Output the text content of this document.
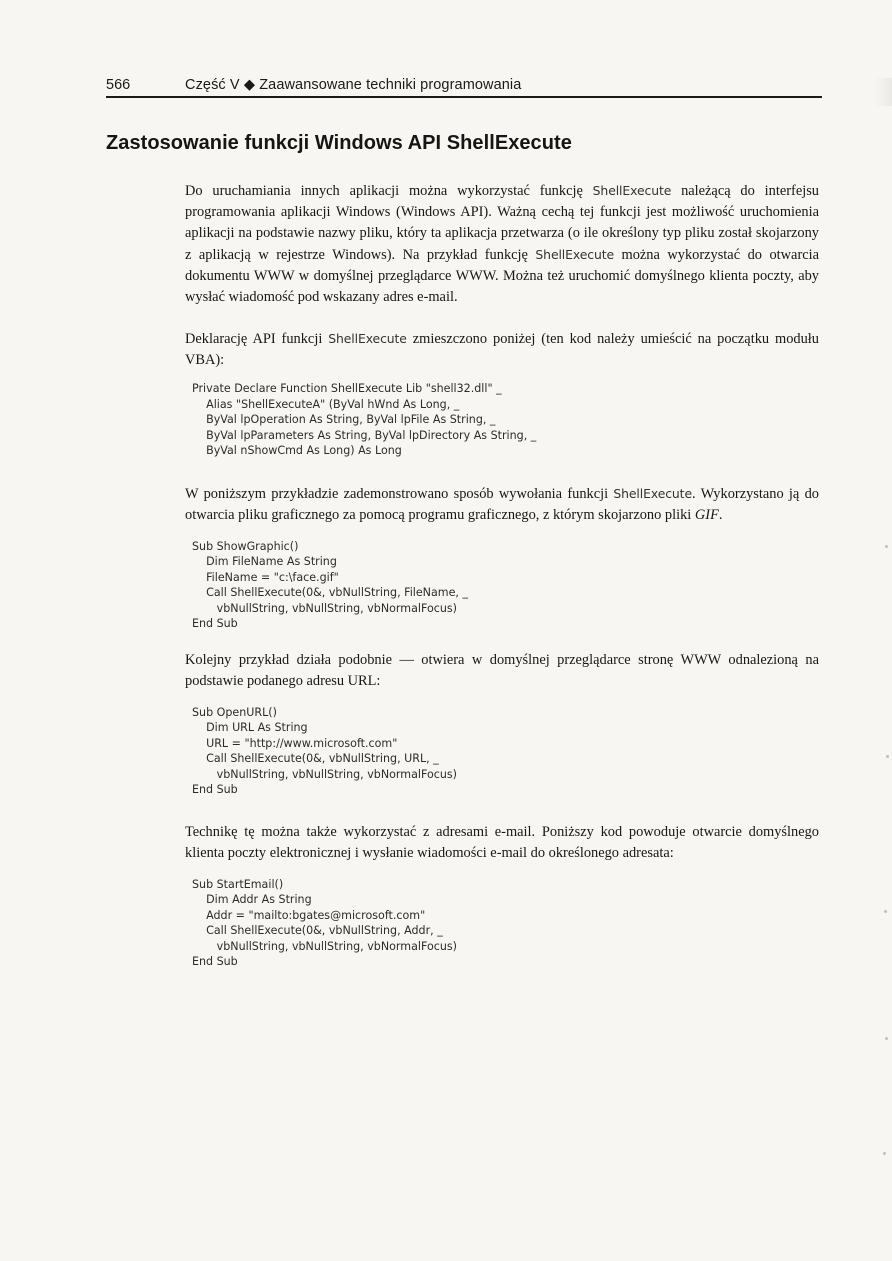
566	Część V ◆ Zaawansowane techniki programowania
Zastosowanie funkcji Windows API ShellExecute

Do uruchamiania innych aplikacji można wykorzystać funkcję ShellExecute należącą do interfejsu programowania aplikacji Windows (Windows API). Ważną cechą tej funkcji jest możliwość uruchomienia aplikacji na podstawie nazwy pliku, który ta aplikacja przetwarza (o ile określony typ pliku został skojarzony z aplikacją w rejestrze Windows). Na przykład funkcję ShellExecute można wykorzystać do otwarcia dokumentu WWW w domyślnej przeglądarce WWW. Można też uruchomić domyślnego klienta poczty, aby wysłać wiadomość pod wskazany adres e-mail.

Deklarację API funkcji ShellExecute zmieszczono poniżej (ten kod należy umieścić na początku modułu VBA):

Private Declare Function ShellExecute Lib "shell32.dll" _
Alias "ShellExecuteA" (ByVal hWnd As Long, _
ByVal lpOperation As String, ByVal lpFile As String, _
ByVal lpParameters As String, ByVal lpDirectory As String, _
ByVal nShowCmd As Long) As Long

W poniższym przykładzie zademonstrowano sposób wywołania funkcji ShellExecute. Wykorzystano ją do otwarcia pliku graficznego za pomocą programu graficznego, z którym skojarzono pliki GIF.

Sub ShowGraphic()
Dim FileName As String
FileName = "c:\face.gif"
Call ShellExecute(0&, vbNullString, FileName, _
vbNullString, vbNullString, vbNormalFocus)
End Sub

Kolejny przykład działa podobnie — otwiera w domyślnej przeglądarce stronę WWW odnalezioną na podstawie podanego adresu URL:

Sub OpenURL()
Dim URL As String
URL = "http://www.microsoft.com"
Call ShellExecute(0&, vbNullString, URL, _
vbNullString, vbNullString, vbNormalFocus)
End Sub

Technikę tę można także wykorzystać z adresami e-mail. Poniższy kod powoduje otwarcie domyślnego klienta poczty elektronicznej i wysłanie wiadomości e-mail do określonego adresata:

Sub StartEmail()
Dim Addr As String
Addr = "mailto:bgates@microsoft.com"
Call ShellExecute(0&, vbNullString, Addr, _
vbNullString, vbNullString, vbNormalFocus)
End Sub
